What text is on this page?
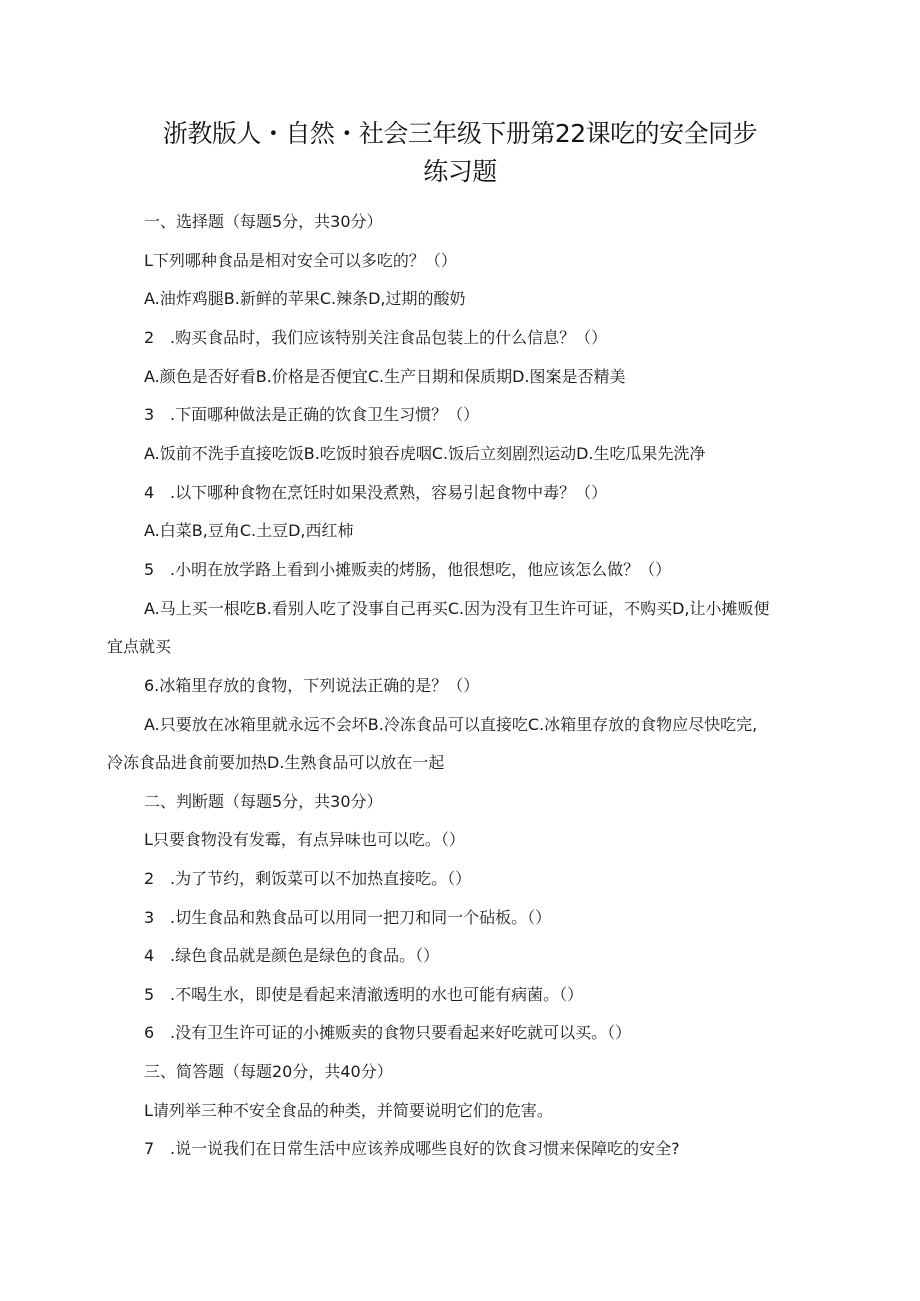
浙教版人・自然・社会三年级下册第22课吃的安全同步
练习题
一、选择题（每题5分，共30分）
L下列哪种食品是相对安全可以多吃的？（）
A.油炸鸡腿B.新鲜的苹果C.辣条D,过期的酸奶
2 .购买食品时，我们应该特别关注食品包装上的什么信息？（）
A.颜色是否好看B.价格是否便宜C.生产日期和保质期D.图案是否精美
3 .下面哪种做法是正确的饮食卫生习惯？（）
A.饭前不洗手直接吃饭B.吃饭时狼吞虎咽C.饭后立刻剧烈运动D.生吃瓜果先洗净
4 .以下哪种食物在烹饪时如果没煮熟，容易引起食物中毒？（）
A.白菜B,豆角C.土豆D,西红柿
5 .小明在放学路上看到小摊贩卖的烤肠，他很想吃，他应该怎么做？（）
A.马上买一根吃B.看别人吃了没事自己再买C.因为没有卫生许可证，不购买D,让小摊贩便
宜点就买
6.冰箱里存放的食物，下列说法正确的是？（）
A.只要放在冰箱里就永远不会坏B.冷冻食品可以直接吃C.冰箱里存放的食物应尽快吃完,
冷冻食品进食前要加热D.生熟食品可以放在一起
二、判断题（每题5分，共30分）
L只要食物没有发霉，有点异味也可以吃。（）
2 .为了节约，剩饭菜可以不加热直接吃。（）
3 .切生食品和熟食品可以用同一把刀和同一个砧板。（）
4 .绿色食品就是颜色是绿色的食品。（）
5 .不喝生水，即使是看起来清澈透明的水也可能有病菌。（）
6 .没有卫生许可证的小摊贩卖的食物只要看起来好吃就可以买。（）
三、简答题（每题20分，共40分）
L请列举三种不安全食品的种类，并简要说明它们的危害。
7 .说一说我们在日常生活中应该养成哪些良好的饮食习惯来保障吃的安全?
